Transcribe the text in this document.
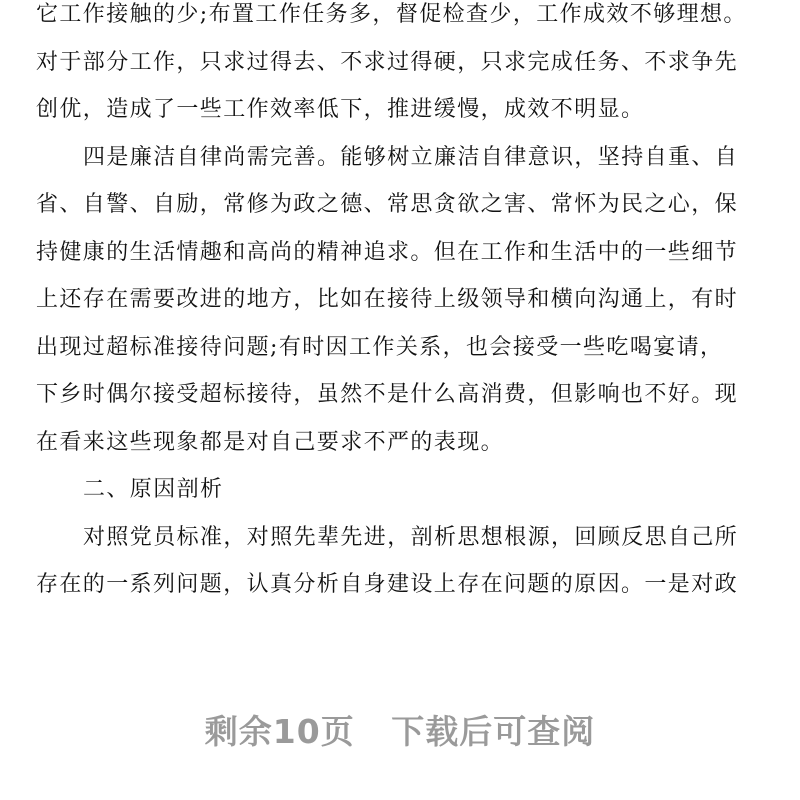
它工作接触的少;布置工作任务多，督促检查少，工作成效不够理想。
对于部分工作，只求过得去、不求过得硬，只求完成任务、不求争先
创优，造成了一些工作效率低下，推进缓慢，成效不明显。
四是廉洁自律尚需完善。能够树立廉洁自律意识，坚持自重、自
省、自警、自励，常修为政之德、常思贪欲之害、常怀为民之心，保
持健康的生活情趣和高尚的精神追求。但在工作和生活中的一些细节
上还存在需要改进的地方，比如在接待上级领导和横向沟通上，有时
出现过超标准接待问题;有时因工作关系，也会接受一些吃喝宴请，
下乡时偶尔接受超标接待，虽然不是什么高消费，但影响也不好。现
在看来这些现象都是对自己要求不严的表现。
二、原因剖析
对照党员标准，对照先辈先进，剖析思想根源，回顾反思自己所
存在的一系列问题，认真分析自身建设上存在问题的原因。一是对政
剩余10页 下载后可查阅
